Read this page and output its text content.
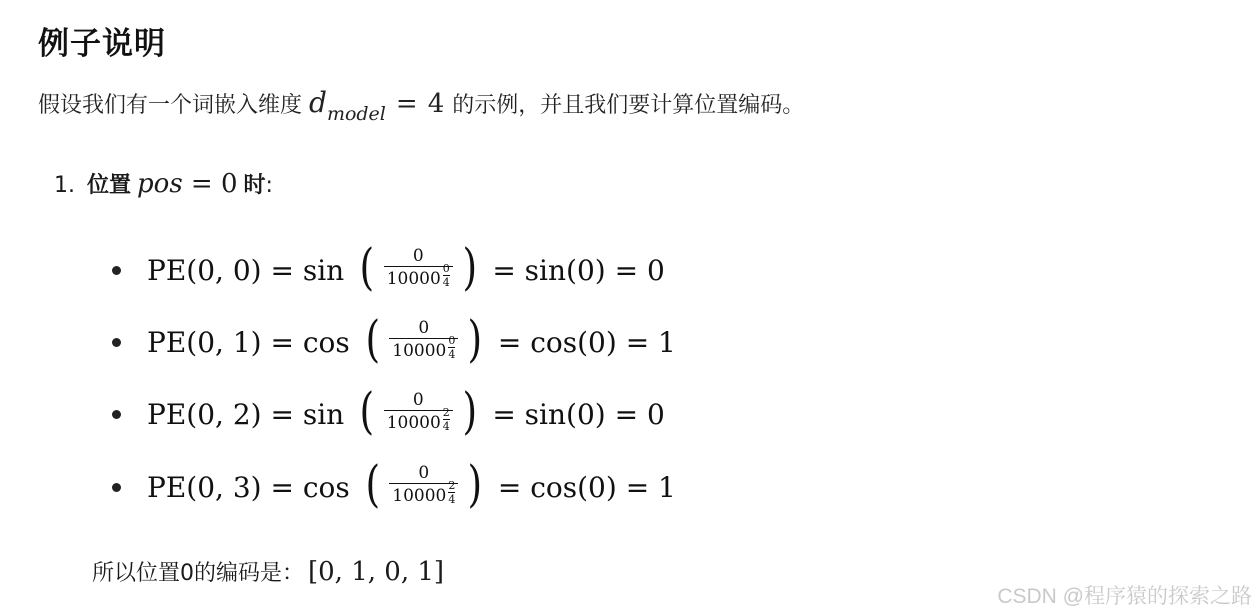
例子说明
假设我们有一个词嵌入维度 dmodel = 4 的示例，并且我们要计算位置编码。
1. 位置 pos = 0 时:
PE(0, 0) = sin ( 0
10000
0
4 ) = sin(0) = 0
PE(0, 1) = cos ( 0
10000
0
4 ) = cos(0) = 1
PE(0, 2) = sin ( 0
10000
2
4 ) = sin(0) = 0
PE(0, 3) = cos ( 0
10000
2
4 ) = cos(0) = 1
所以位置0的编码是： [0, 1, 0, 1]
CSDN @程序猿的探索之路
